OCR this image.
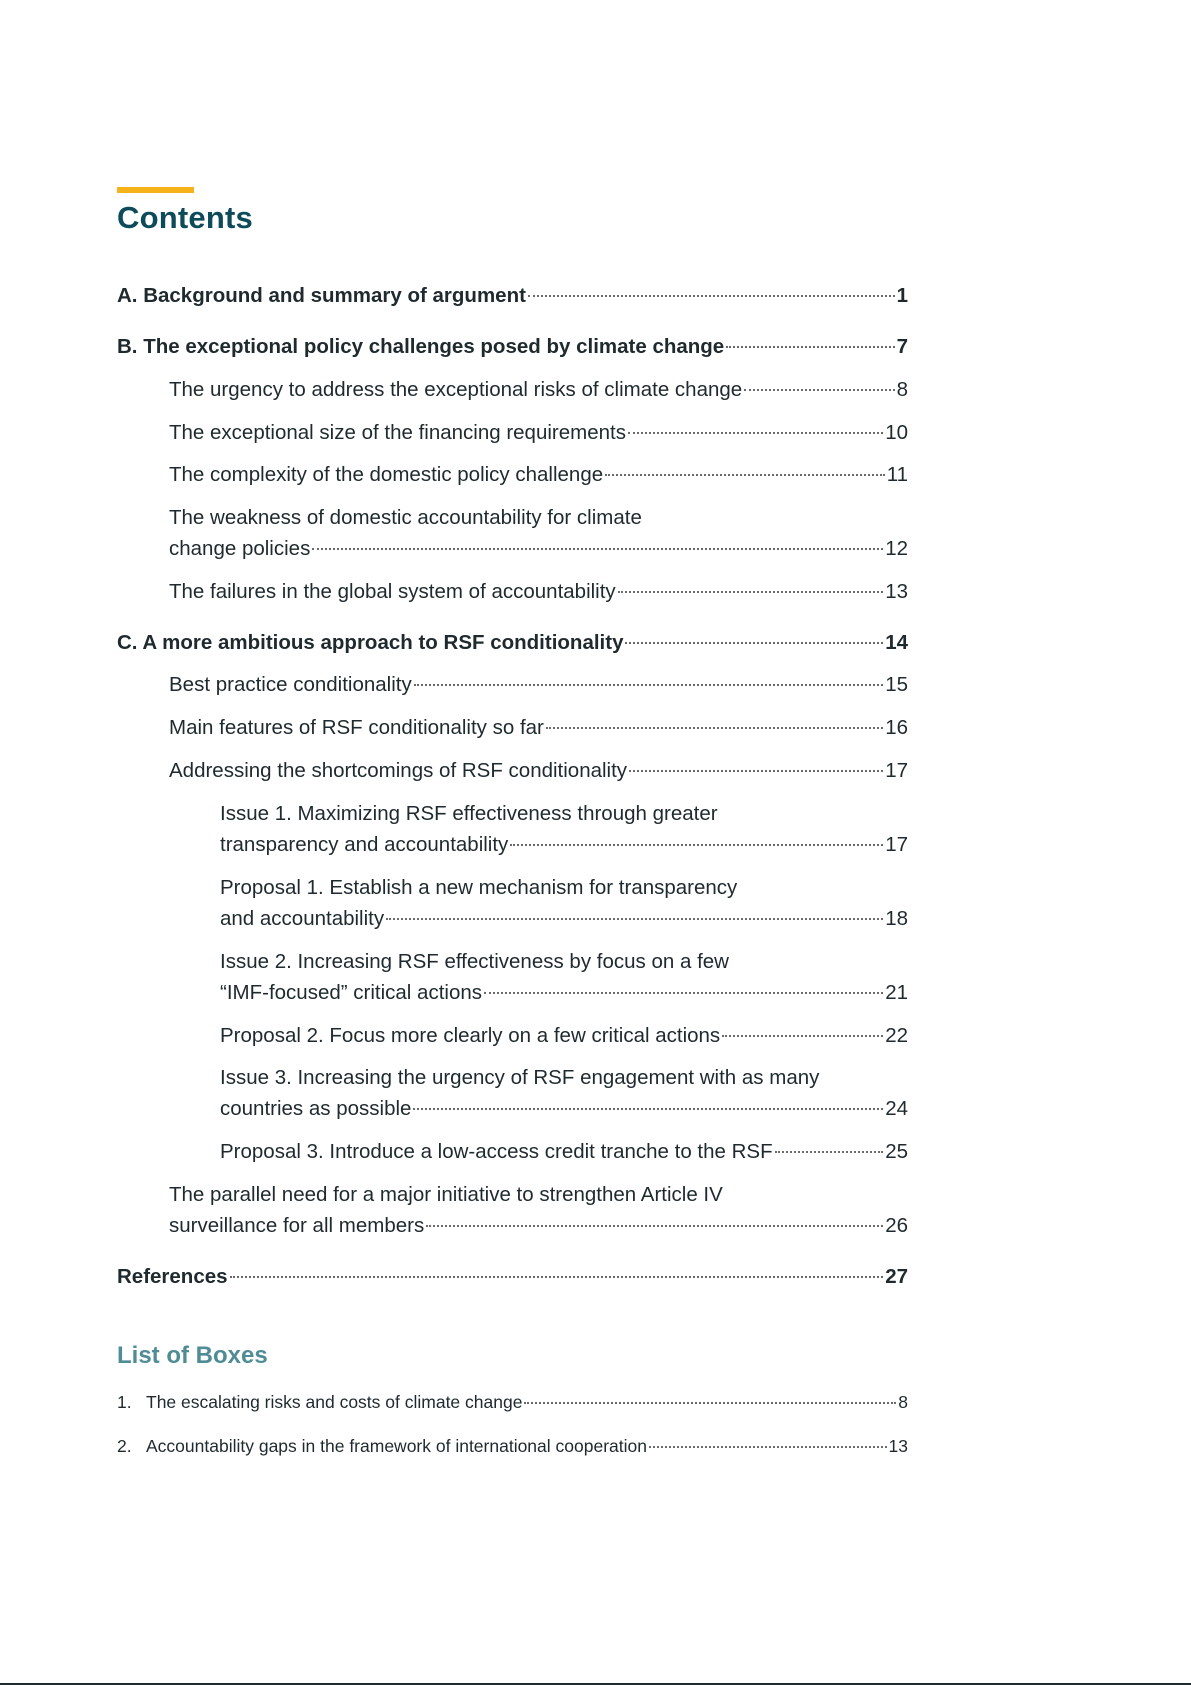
Contents
A. Background and summary of argument	1
B. The exceptional policy challenges posed by climate change	7
The urgency to address the exceptional risks of climate change	8
The exceptional size of the financing requirements	10
The complexity of the domestic policy challenge	11
The weakness of domestic accountability for climate
change policies	12
The failures in the global system of accountability	13
C. A more ambitious approach to RSF conditionality	14
Best practice conditionality	15
Main features of RSF conditionality so far	16
Addressing the shortcomings of RSF conditionality	17
Issue 1. Maximizing RSF effectiveness through greater
transparency and accountability	17
Proposal 1. Establish a new mechanism for transparency
and accountability	18
Issue 2. Increasing RSF effectiveness by focus on a few
“IMF-focused” critical actions	21
Proposal 2. Focus more clearly on a few critical actions	22
Issue 3. Increasing the urgency of RSF engagement with as many
countries as possible	24
Proposal 3. Introduce a low-access credit tranche to the RSF	25
The parallel need for a major initiative to strengthen Article IV
surveillance for all members	26
References	27
List of Boxes
1. The escalating risks and costs of climate change	8
2. Accountability gaps in the framework of international cooperation	13
